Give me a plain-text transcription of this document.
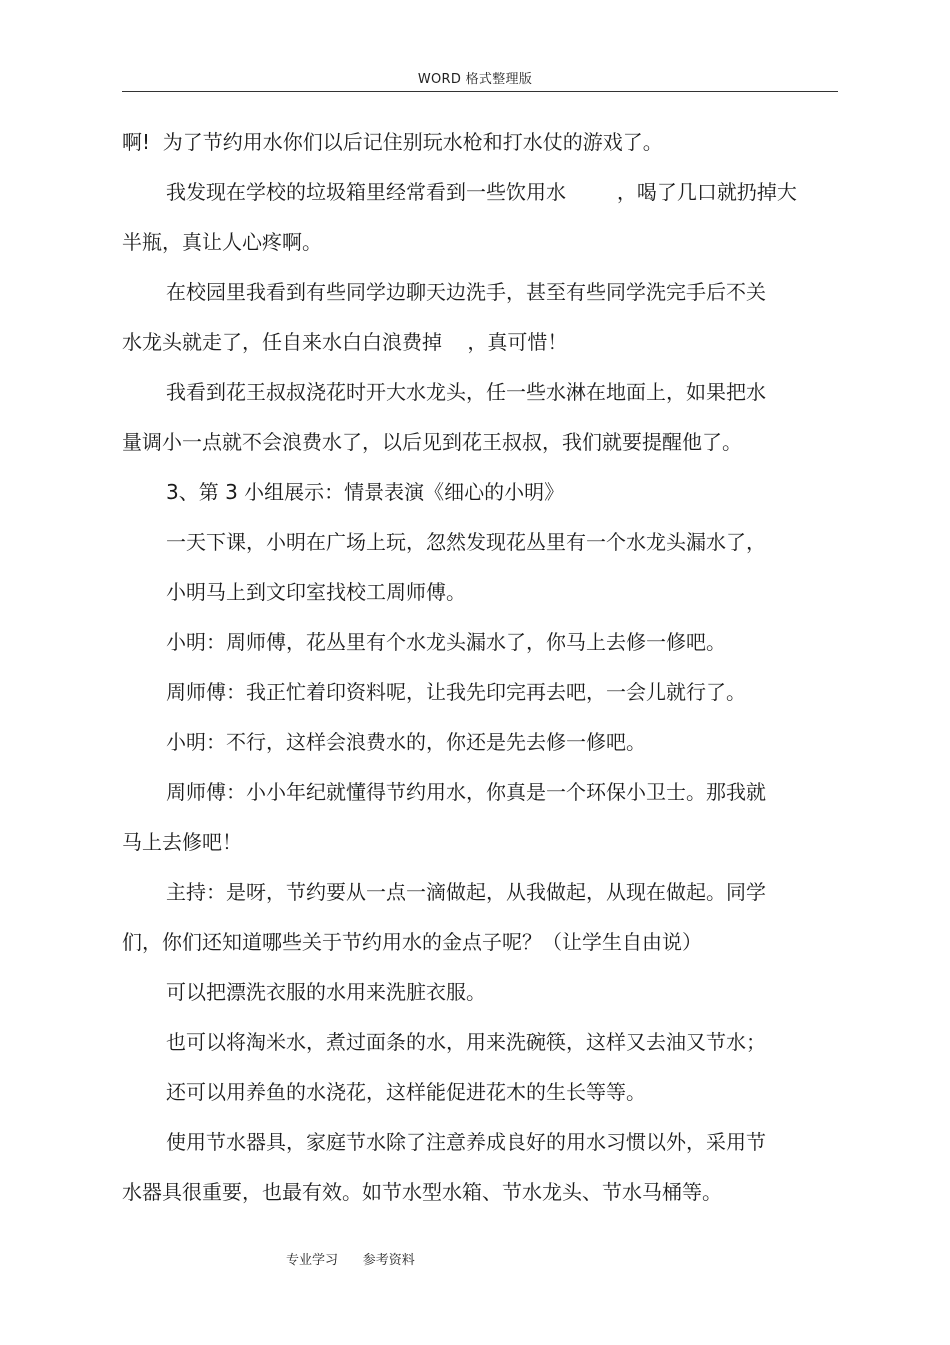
WORD 格式整理版
啊!  为了节约用水你们以后记住别玩水枪和打水仗的游戏了。
我发现在学校的垃圾箱里经常看到一些饮用水        ，喝了几口就扔掉大
半瓶，真让人心疼啊。
在校园里我看到有些同学边聊天边洗手，甚至有些同学洗完手后不关
水龙头就走了，任自来水白白浪费掉    ，真可惜！
我看到花王叔叔浇花时开大水龙头，任一些水淋在地面上，如果把水
量调小一点就不会浪费水了，以后见到花王叔叔，我们就要提醒他了。
3、第 3 小组展示：情景表演《细心的小明》
一天下课，小明在广场上玩，忽然发现花丛里有一个水龙头漏水了，
小明马上到文印室找校工周师傅。
小明：周师傅，花丛里有个水龙头漏水了，你马上去修一修吧。
周师傅：我正忙着印资料呢，让我先印完再去吧，一会儿就行了。
小明：不行，这样会浪费水的，你还是先去修一修吧。
周师傅：小小年纪就懂得节约用水，你真是一个环保小卫士。那我就
马上去修吧！
主持：是呀，节约要从一点一滴做起，从我做起，从现在做起。同学
们，你们还知道哪些关于节约用水的金点子呢？（让学生自由说）
可以把漂洗衣服的水用来洗脏衣服。
也可以将淘米水，煮过面条的水，用来洗碗筷，这样又去油又节水；
还可以用养鱼的水浇花，这样能促进花木的生长等等。
使用节水器具，家庭节水除了注意养成良好的用水习惯以外，采用节
水器具很重要，也最有效。如节水型水箱、节水龙头、节水马桶等。
专业学习      参考资料
